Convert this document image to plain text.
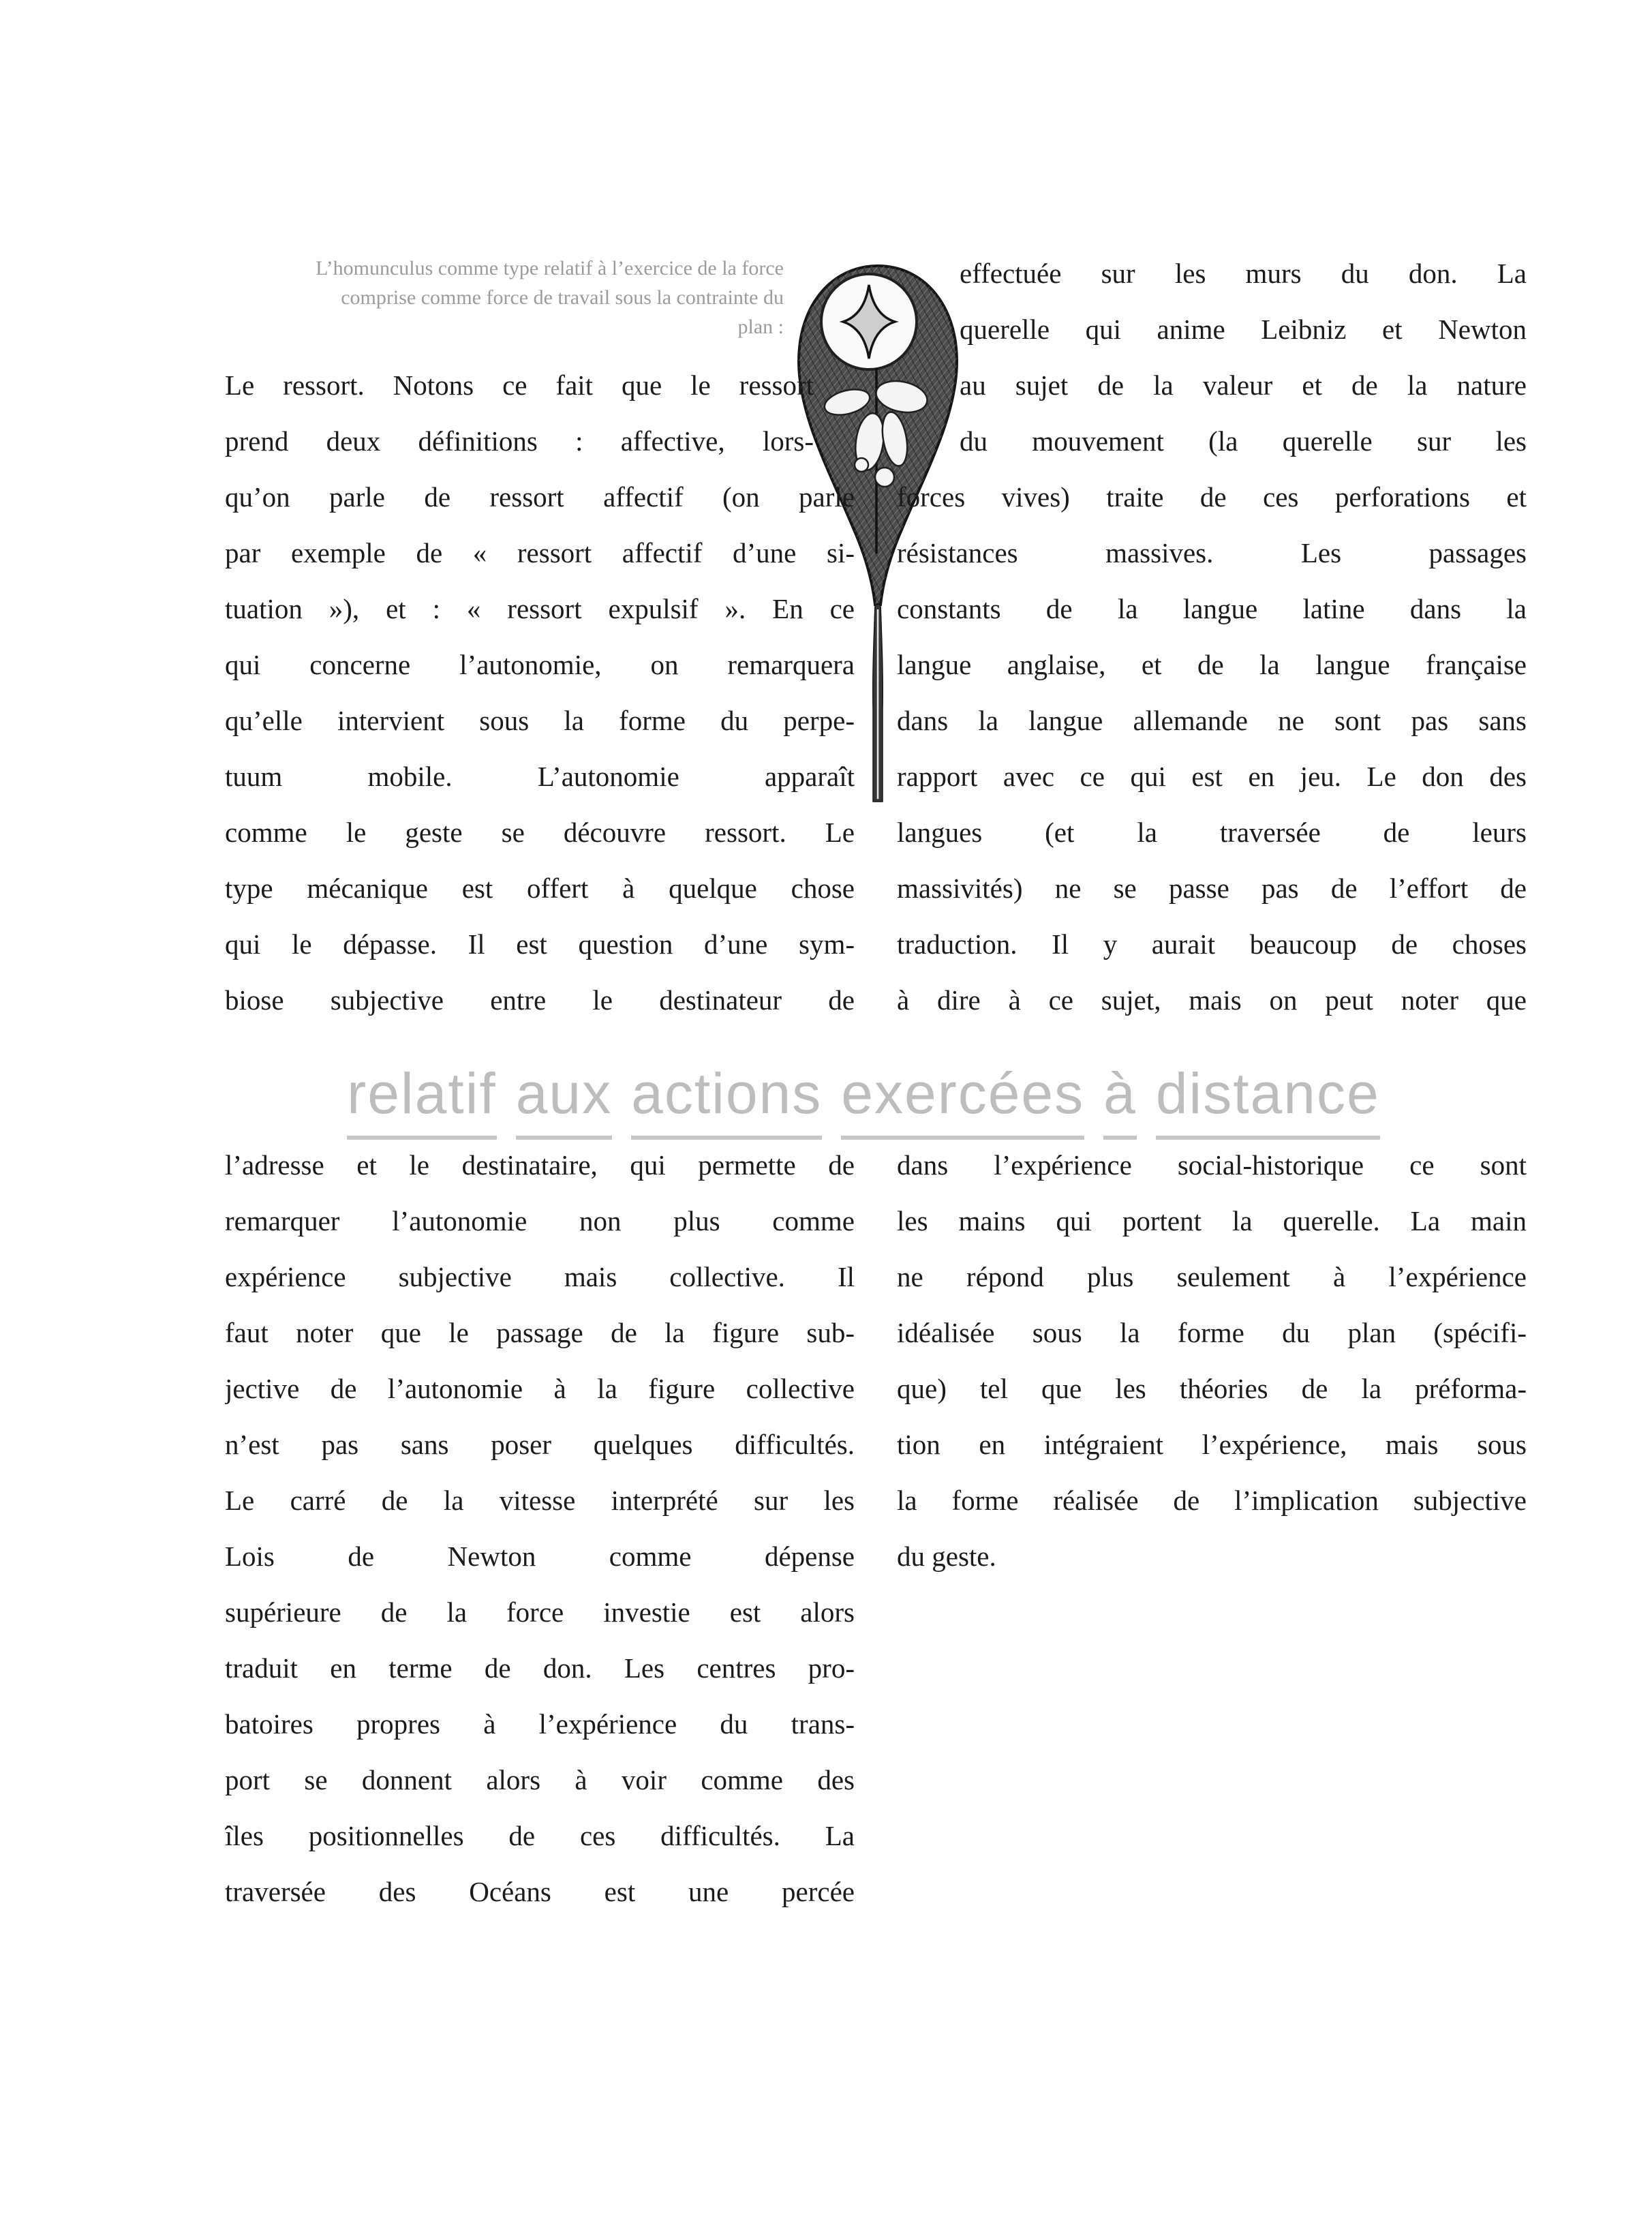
L’homunculus comme type relatif à l’exercice de la force
comprise comme force de travail sous la contrainte du
plan :
Le ressort. Notons ce fait que le ressort
prend deux définitions : affective, lors-
qu’on parle de ressort affectif (on parle
par exemple de « ressort affectif d’une si-
tuation »), et : « ressort expulsif ». En ce
qui concerne l’autonomie, on remarquera
qu’elle intervient sous la forme du perpe-
tuum mobile. L’autonomie apparaît
comme le geste se découvre ressort. Le
type mécanique est offert à quelque chose
qui le dépasse. Il est question d’une sym-
biose subjective entre le destinateur de
effectuée sur les murs du don. La
querelle qui anime Leibniz et Newton
au sujet de la valeur et de la nature
du mouvement (la querelle sur les
forces vives) traite de ces perforations et
résistances massives. Les passages
constants de la langue latine dans la
langue anglaise, et de la langue française
dans la langue allemande ne sont pas sans
rapport avec ce qui est en jeu. Le don des
langues (et la traversée de leurs
massivités) ne se passe pas de l’effort de
traduction. Il y aurait beaucoup de choses
à dire à ce sujet, mais on peut noter que
relatif aux actions exercées à distance
l’adresse et le destinataire, qui permette de
remarquer l’autonomie non plus comme
expérience subjective mais collective. Il
faut noter que le passage de la figure sub-
jective de l’autonomie à la figure collective
n’est pas sans poser quelques difficultés.
Le carré de la vitesse interprété sur les
Lois de Newton comme dépense
supérieure de la force investie est alors
traduit en terme de don. Les centres pro-
batoires propres à l’expérience du trans-
port se donnent alors à voir comme des
îles positionnelles de ces difficultés. La
traversée des Océans est une percée
dans l’expérience social-historique ce sont
les mains qui portent la querelle. La main
ne répond plus seulement à l’expérience
idéalisée sous la forme du plan (spécifi-
que) tel que les théories de la préforma-
tion en intégraient l’expérience, mais sous
la forme réalisée de l’implication subjective
du geste.
